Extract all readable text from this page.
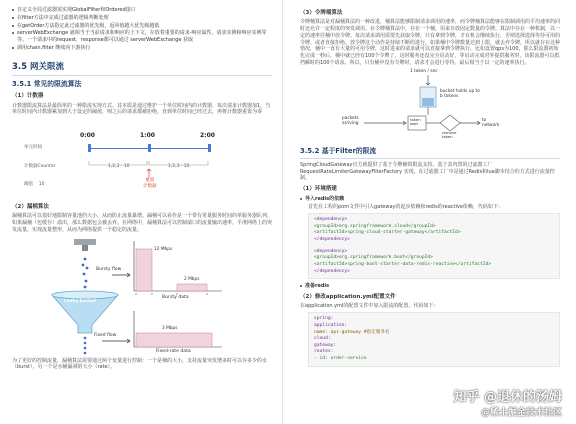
自定义全局过滤器需实现GlobalFilter和Ordered接口
在filter方法中完成过滤器的逻辑判断处理
在getOrder方法指定此过滤器的优先级，返回值越大优先级越低
serverWebExchange 就相当于当前请求和响应的上下文，存放着重要的请求-响应属性、请求实例和响应实例等等。一个请求中的request，response都可以通过 serverWebExchange 获取
调用chain.filter 继续向下游执行
3.5 网关限流
3.5.1 常见的限流算法
（1）计数器
计数器限流算法是最简单的一种限流实现方式。其本质是通过维护一个单位时间内的计数器，每次请求计数器加1，当单位时间内计数器累加到大于设定的阈值，则之后的请求都被拒绝，直到单位时间已经过去，再将计数器重置为零
0:00	1:00	2:00
单元时间
计数器Counter	1,2,3 · 10	1,2,3 · 10
阈值 10
重置
计数器
（2）漏桶算法
漏桶算法可以很好地限制容量池的大小，从而防止流量暴增。漏桶可以看作是一个带有常量服务时间的单服务器队列，如果漏桶（包缓存）溢出，那么数据包会被丢弃。在网络中，漏桶算法可以控制端口的流量输出速率，平滑网络上的突发流量，实现流量整形，从而为网络提供一个稳定的流量。
Bursty flow
Leaky bucket
Fixed flow
12 Mbps
2 Mbps
Bursty data
3 Mbps
Fixed-rate data
为了更好的控制流量，漏桶算法需要通过两个变量进行控制：一个是桶的大小，支持流量突发增多时可以存多少的水（burst），另一个是水桶漏洞的大小（rate）。
（3）令牌桶算法
令牌桶算法是对漏桶算法的一种改进，桶算法能够限制请求调用的速率，而令牌桶算法能够在限制调用的平均速率的同时还允许一定程度的突发调用。在令牌桶算法中，存在一个桶，用来存放固定数量的令牌。算法中存在一种机制，以一定的速率往桶中放令牌。每次请求调用需要先获取令牌，只有拿到令牌，才有机会继续执行，否则选择选择等待可用的令牌、或者直接拒绝。放令牌这个动作是持续不断的进行，如果桶中令牌数量达到上限，就丢弃令牌，所以就存在这种情况，桶中一直有大量的可用令牌，这时进来的请求就可以直接拿到令牌执行，比如设置qps为100，那么限流器初始化完成一秒后，桶中就已经有100个令牌了，这时服务还没完全启动好，等启动完成对外提供服务时，该限流器可以抵挡瞬时的100个请求。所以，只有桶中没有令牌时，请求才会进行等待，最后相当于以一定的速率执行。
1 token / sec
bucket holds up to
b tokens
packets
arriving
token
wait
remove
token
to
network
3.5.2 基于Filter的限流
SpringCloudGateway官方就提供了基于令牌桶的限流支持。基于其内置的过滤器工厂 RequestRateLimiterGatewayFilterFactory 实现。在过滤器工厂中是通过Redis和lua脚本结合的方式进行流量控制。
（1）环境搭建
导入redis的依赖
首先在工程的pom文件中引入gateway的起步依赖和redis的reactive依赖，代码如下：
<dependency>
<groupId>org.springframework.cloud</groupId>
<artifactId>spring-cloud-starter-gateway</artifactId>
</dependency>
<dependency>
<groupId>org.springframework.boot</groupId>
<artifactId>spring-boot-starter-data-redis-reactive</artifactId>
</dependency>
准备redis
（2）修改application.yml配置文件
在application.yml的配置文件中加入限流的配置，代码如下：
spring:
application:
name: api-gateway #指定服务名
cloud:
gateway:
routes:
- id: order-service
知乎 @退休的汤姆
@稀土掘金技术社区
